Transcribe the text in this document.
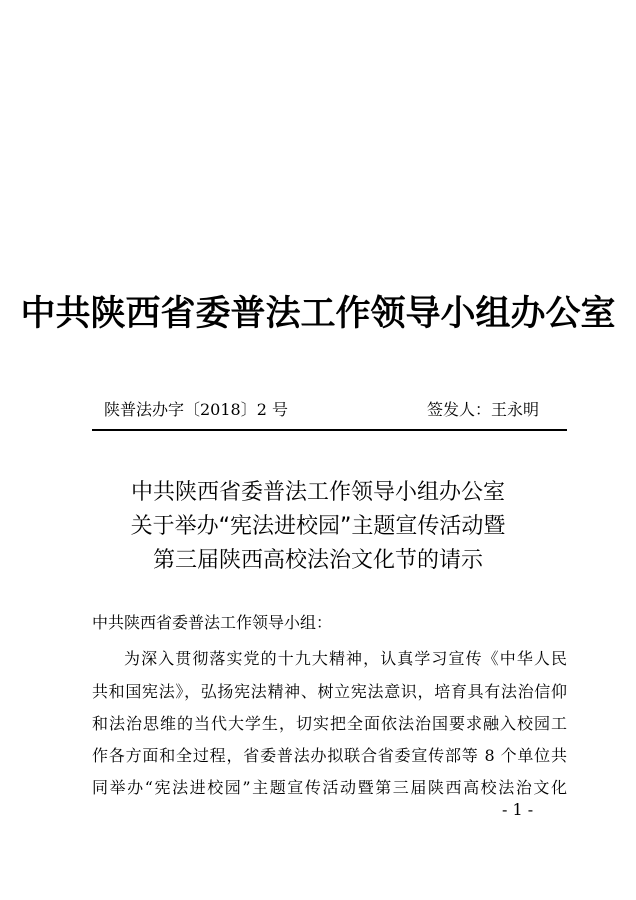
中共陕西省委普法工作领导小组办公室
陕普法办字〔2018〕2 号	签发人：王永明
中共陕西省委普法工作领导小组办公室
关于举办“宪法进校园”主题宣传活动暨
第三届陕西高校法治文化节的请示
中共陕西省委普法工作领导小组：
为深入贯彻落实党的十九大精神，认真学习宣传《中华人民
共和国宪法》，弘扬宪法精神、树立宪法意识，培育具有法治信仰
和法治思维的当代大学生，切实把全面依法治国要求融入校园工
作各方面和全过程，省委普法办拟联合省委宣传部等 8 个单位共
同举办“宪法进校园”主题宣传活动暨第三届陕西高校法治文化
- 1 -
